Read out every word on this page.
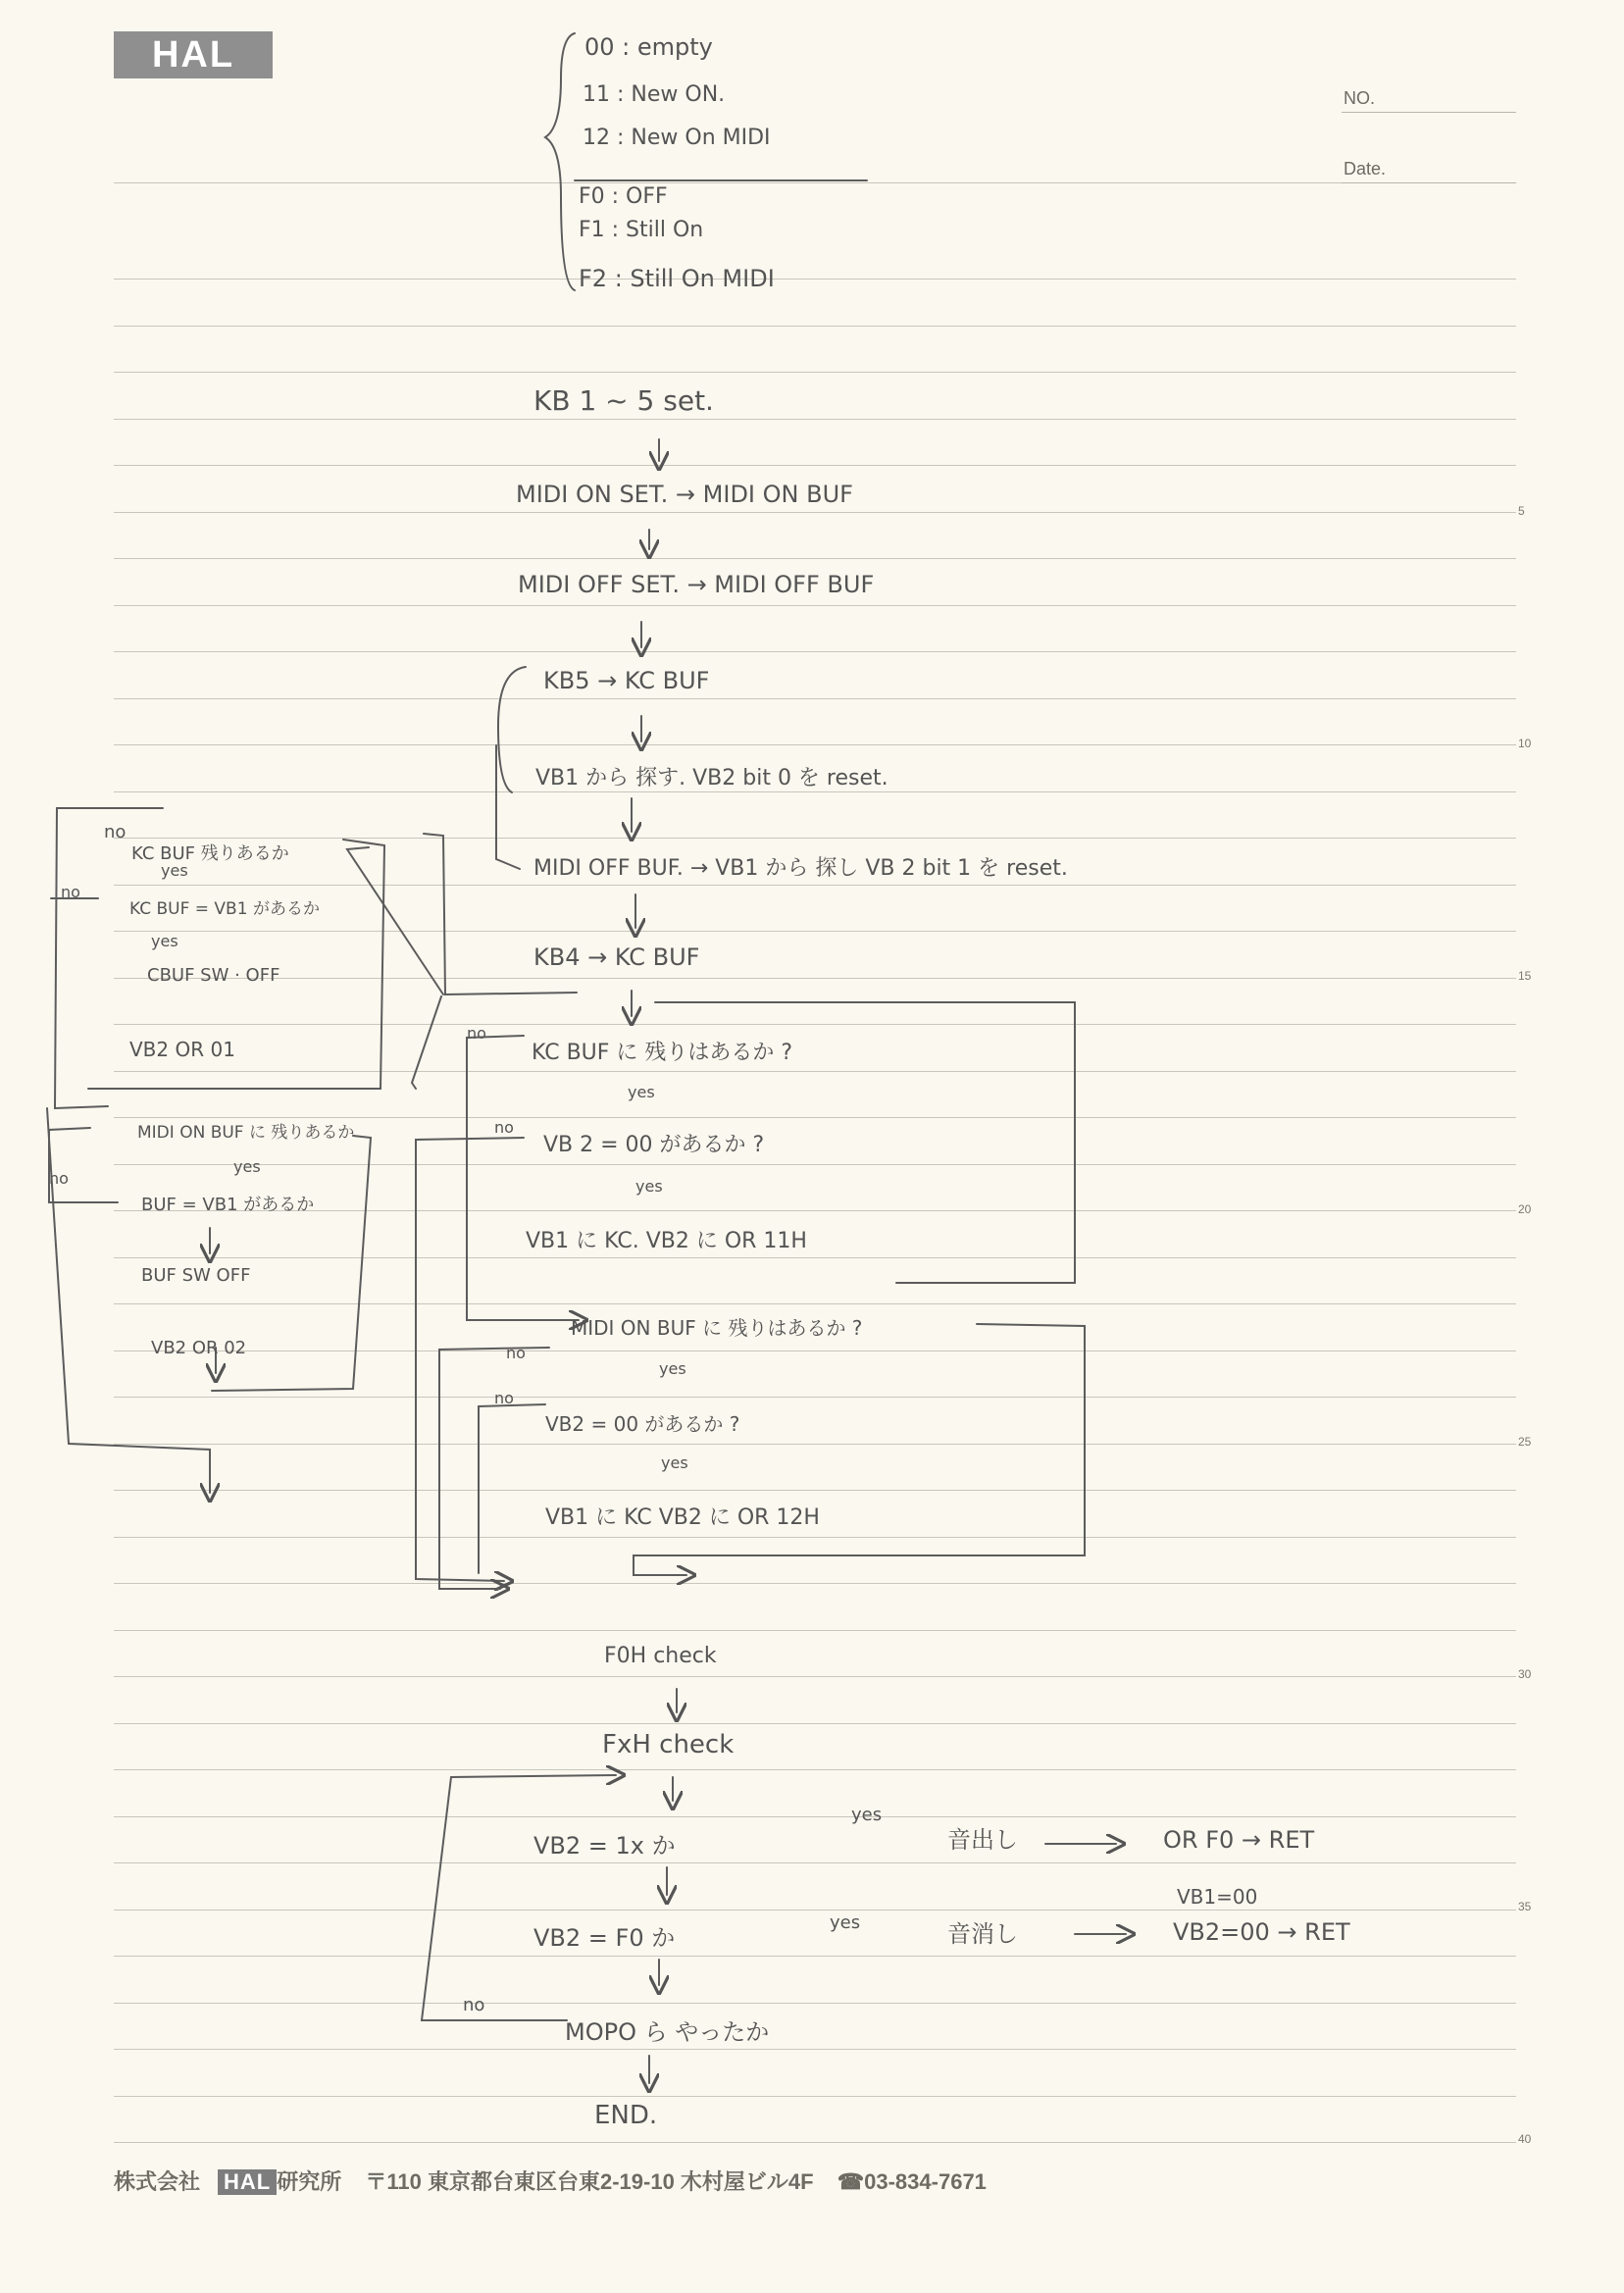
HAL
NO.
Date.
5
10
15
20
25
30
35
40
00 : empty
11 : New ON.
12 : New On MIDI
F0 : OFF
F1 : Still On
F2 : Still On MIDI
KB 1 ~ 5 set.
MIDI ON SET. → MIDI ON BUF
MIDI OFF SET. → MIDI OFF BUF
KB5 → KC BUF
VB1 から 探す. VB2 bit 0 を reset.
MIDI OFF BUF. → VB1 から 探し VB 2 bit 1 を reset.
KB4 → KC BUF
KC BUF に 残りはあるか ?
yes
no
VB 2 = 00 があるか ?
yes
no
VB1 に KC. VB2 に OR 11H
MIDI ON BUF に 残りはあるか ?
yes
no
VB2 = 00 があるか ?
yes
no
VB1 に KC VB2 に OR 12H
F0H check
FxH check
VB2 = 1x か
yes
音出し	OR F0 → RET
VB2 = F0 か
yes	音消し
VB1=00
VB2=00 → RET
no
MOPO ら やったか
END.
no
KC BUF 残りあるか
yes
no
KC BUF = VB1 があるか
yes
CBUF SW · OFF
VB2 OR 01
MIDI ON BUF に 残りあるか
yes
no
BUF = VB1 があるか
BUF SW OFF
VB2 OR 02
株式会社 HAL 研究所 〒110 東京都台東区台東2-19-10 木村屋ビル4F ☎03-834-7671
